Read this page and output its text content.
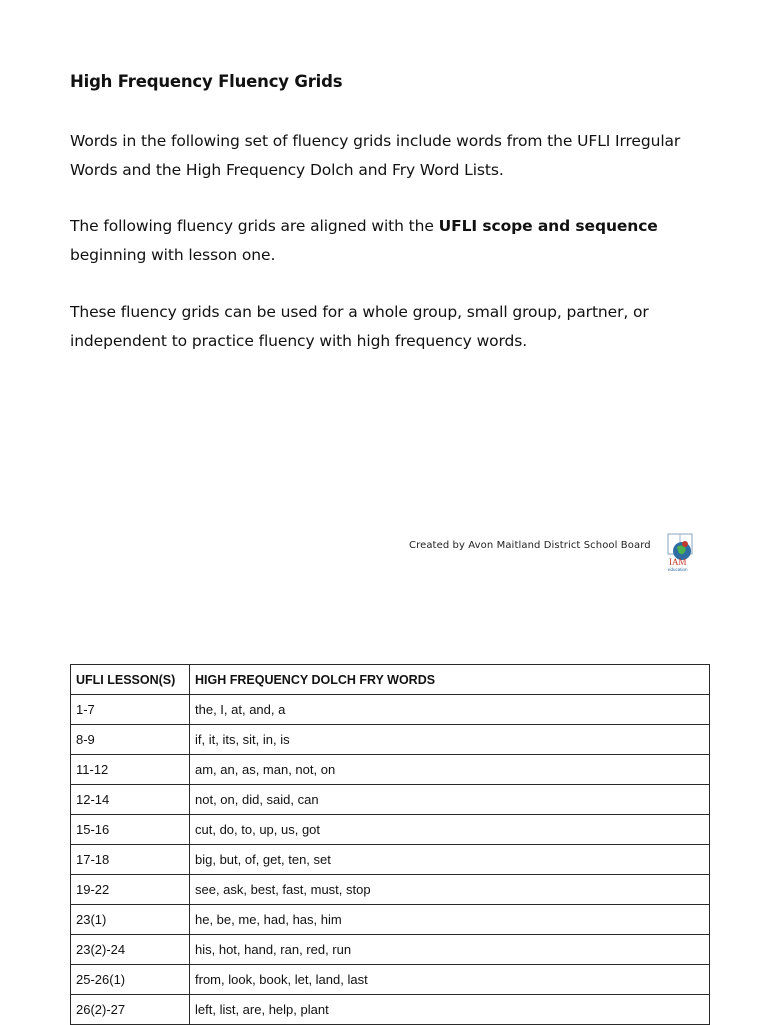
High Frequency Fluency Grids

Words in the following set of fluency grids include words from the UFLI Irregular Words and the High Frequency Dolch and Fry Word Lists.

The following fluency grids are aligned with the UFLI scope and sequence beginning with lesson one.

These fluency grids can be used for a whole group, small group, partner, or independent to practice fluency with high frequency words.

Created by Avon Maitland District School Board
IAM
education
UFLI LESSON(S)	HIGH FREQUENCY DOLCH FRY WORDS
1-7	the, I, at, and, a
8-9	if, it, its, sit, in, is
11-12	am, an, as, man, not, on
12-14	not, on, did, said, can
15-16	cut, do, to, up, us, got
17-18	big, but, of, get, ten, set
19-22	see, ask, best, fast, must, stop
23(1)	he, be, me, had, has, him
23(2)-24	his, hot, hand, ran, red, run
25-26(1)	from, look, book, let, land, last
26(2)-27	left, list, are, help, plant
